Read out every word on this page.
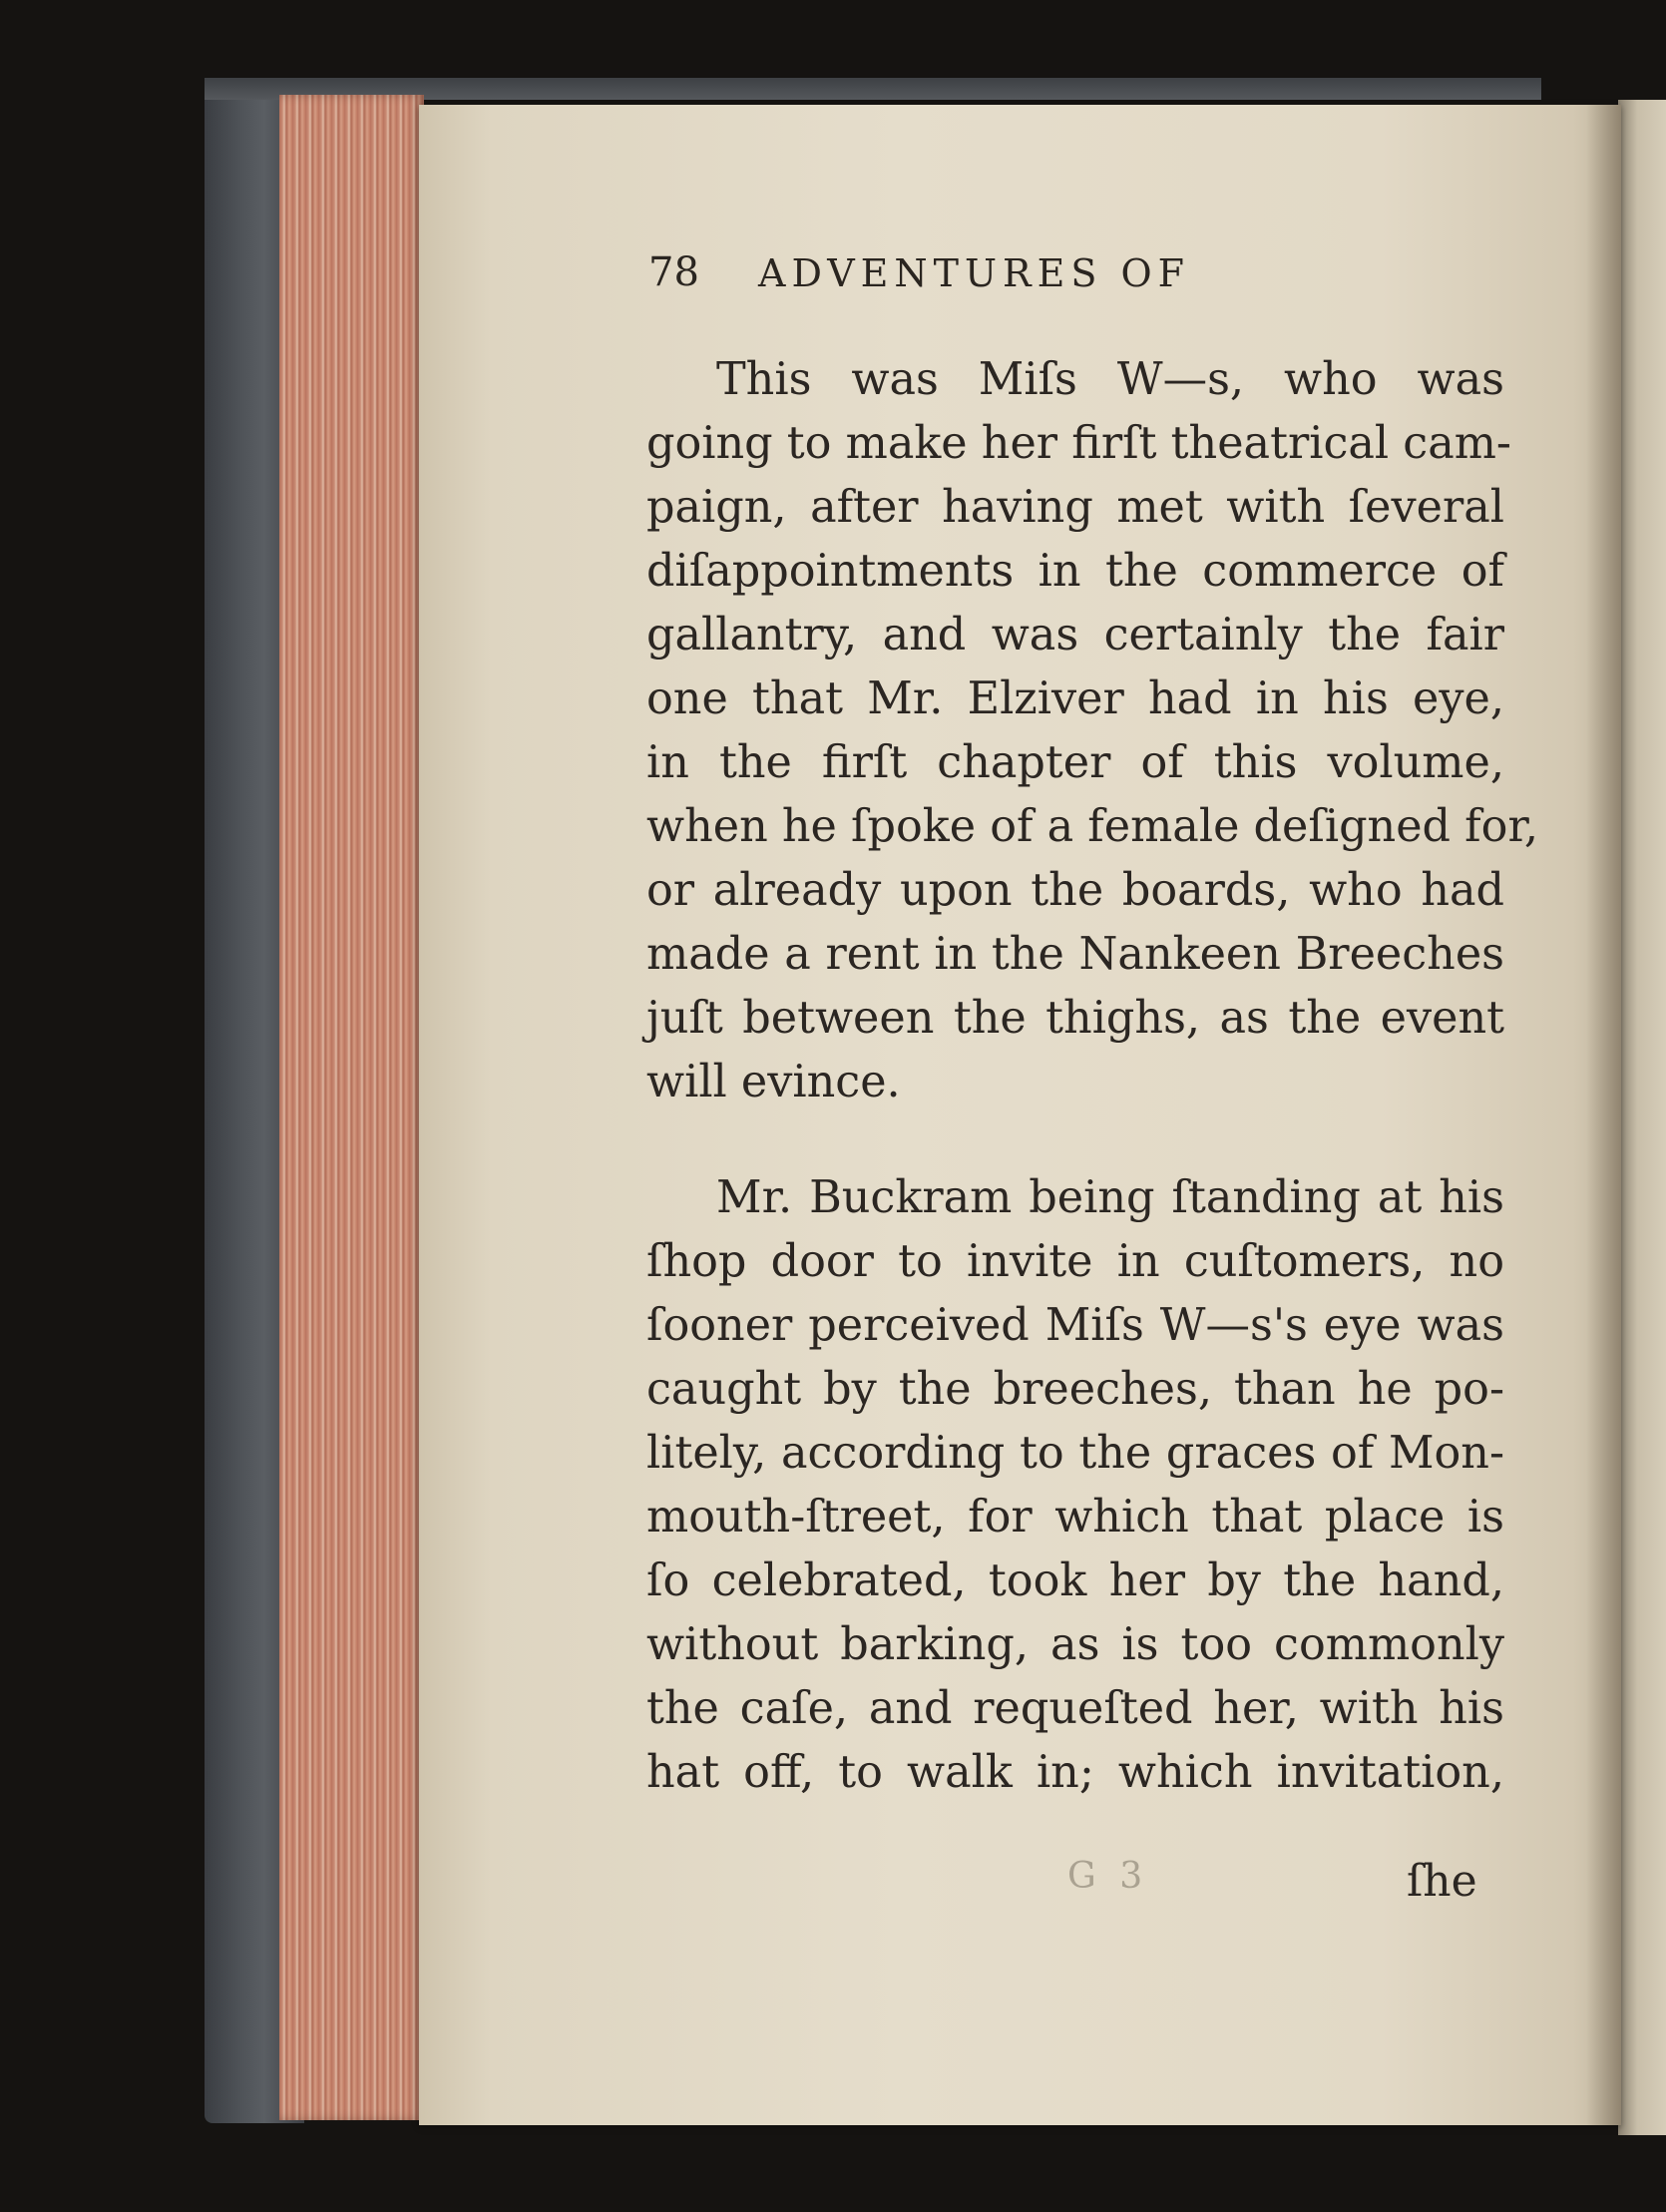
78 ADVENTURES OF
This was Miſs W—s, who was
going to make her firſt theatrical cam-
paign, after having met with ſeveral
diſappointments in the commerce of
gallantry, and was certainly the fair
one that Mr. Elziver had in his eye,
in the firſt chapter of this volume,
when he ſpoke of a female deſigned for,
or already upon the boards, who had
made a rent in the Nankeen Breeches
juſt between the thighs, as the event
will evince.
Mr. Buckram being ſtanding at his
ſhop door to invite in cuſtomers, no
ſooner perceived Miſs W—s's eye was
caught by the breeches, than he po-
litely, according to the graces of Mon-
mouth-ſtreet, for which that place is
ſo celebrated, took her by the hand,
without barking, as is too commonly
the caſe, and requeſted her, with his
hat off, to walk in; which invitation,
G 3	ſhe
